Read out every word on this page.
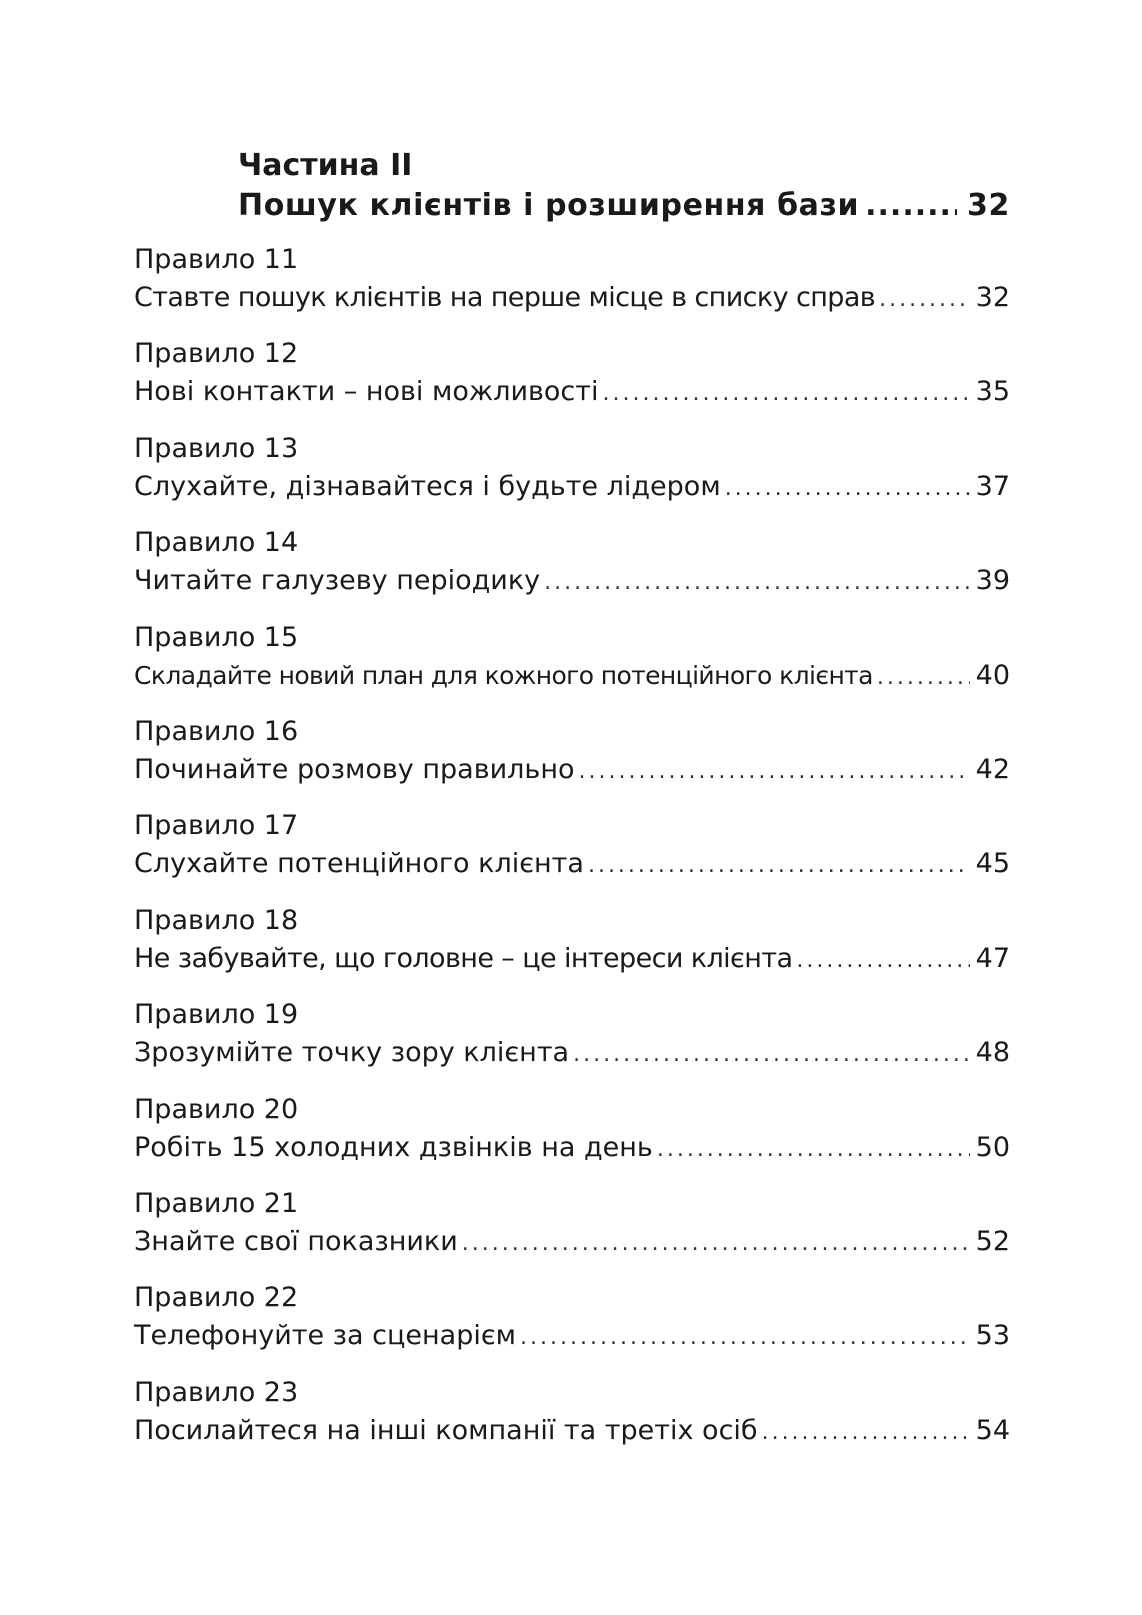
Частина II
Пошук клієнтів і розширення бази .....	32
Правило 11
Ставте пошук клієнтів на перше місце в списку справ .....	32
Правило 12
Нові контакти – нові можливості .....	35
Правило 13
Слухайте, дізнавайтеся і будьте лідером .....	37
Правило 14
Читайте галузеву періодику .....	39
Правило 15
Складайте новий план для кожного потенційного клієнта .....	40
Правило 16
Починайте розмову правильно .....	42
Правило 17
Слухайте потенційного клієнта .....	45
Правило 18
Не забувайте, що головне – це інтереси клієнта .....	47
Правило 19
Зрозумійте точку зору клієнта .....	48
Правило 20
Робіть 15 холодних дзвінків на день .....	50
Правило 21
Знайте свої показники .....	52
Правило 22
Телефонуйте за сценарієм .....	53
Правило 23
Посилайтеся на інші компанії та третіх осіб .....	54
